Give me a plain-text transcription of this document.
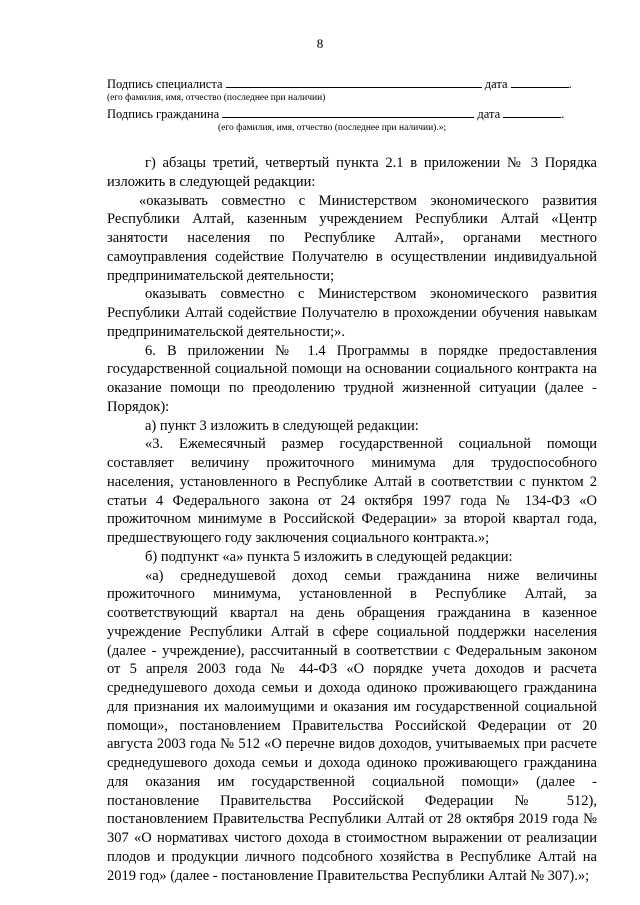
8
Подпись специалиста	дата	.
(его фамилия, имя, отчество (последнее при наличии)
Подпись гражданина	дата	.
(его фамилия, имя, отчество (последнее при наличии).»;

г) абзацы третий, четвертый пункта 2.1 в приложении № 3 Порядка изложить в следующей редакции:

«оказывать совместно с Министерством экономического развития Республики Алтай, казенным учреждением Республики Алтай «Центр занятости населения по Республике Алтай», органами местного самоуправления содействие Получателю в осуществлении индивидуальной предпринимательской деятельности;

оказывать совместно с Министерством экономического развития Республики Алтай содействие Получателю в прохождении обучения навыкам предпринимательской деятельности;».

6. В приложении № 1.4 Программы в порядке предоставления государственной социальной помощи на основании социального контракта на оказание помощи по преодолению трудной жизненной ситуации (далее - Порядок):

а) пункт 3 изложить в следующей редакции:

«3. Ежемесячный размер государственной социальной помощи составляет величину прожиточного минимума для трудоспособного населения, установленного в Республике Алтай в соответствии с пунктом 2 статьи 4 Федерального закона от 24 октября 1997 года № 134-ФЗ «О прожиточном минимуме в Российской Федерации» за второй квартал года, предшествующего году заключения социального контракта.»;

б) подпункт «а» пункта 5 изложить в следующей редакции:

«а) среднедушевой доход семьи гражданина ниже величины прожиточного минимума, установленной в Республике Алтай, за соответствующий квартал на день обращения гражданина в казенное учреждение Республики Алтай в сфере социальной поддержки населения (далее - учреждение), рассчитанный в соответствии с Федеральным законом от 5 апреля 2003 года № 44-ФЗ «О порядке учета доходов и расчета среднедушевого дохода семьи и дохода одиноко проживающего гражданина для признания их малоимущими и оказания им государственной социальной помощи», постановлением Правительства Российской Федерации от 20 августа 2003 года № 512 «О перечне видов доходов, учитываемых при расчете среднедушевого дохода семьи и дохода одиноко проживающего гражданина для оказания им государственной социальной помощи» (далее - постановление Правительства Российской Федерации № 512), постановлением Правительства Республики Алтай от 28 октября 2019 года № 307 «О нормативах чистого дохода в стоимостном выражении от реализации плодов и продукции личного подсобного хозяйства в Республике Алтай на 2019 год» (далее - постановление Правительства Республики Алтай № 307).»;
